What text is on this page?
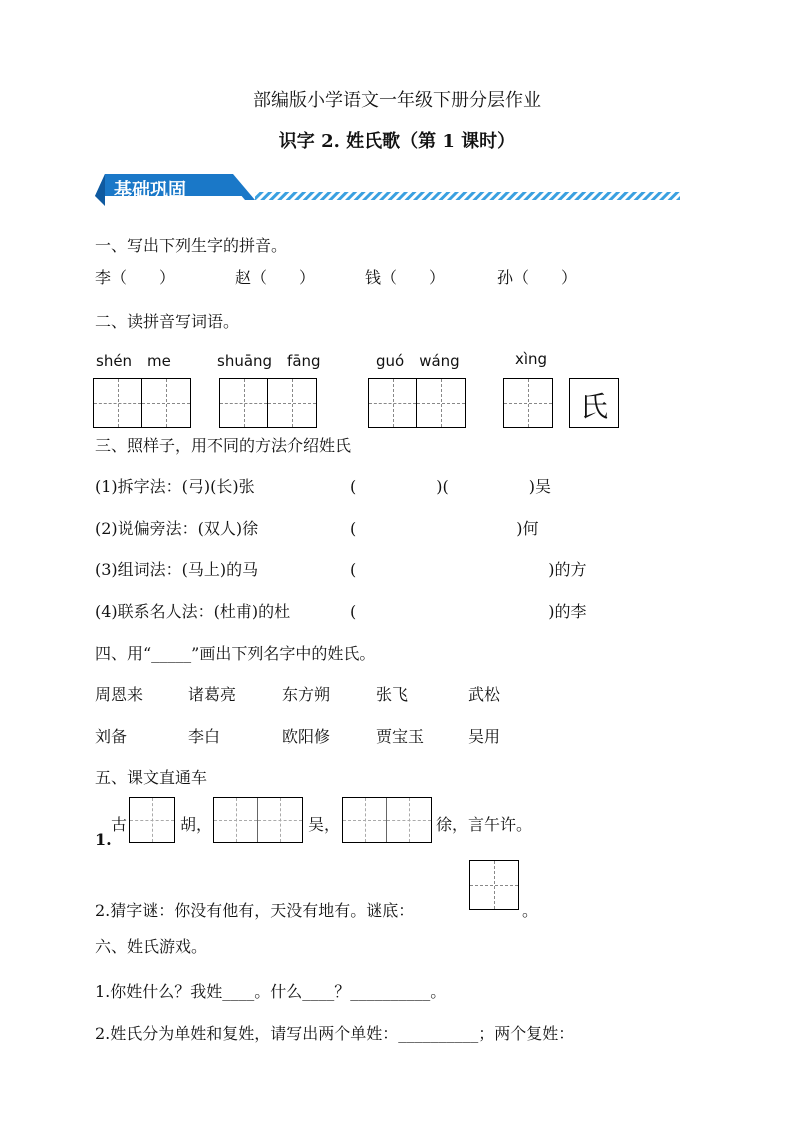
部编版小学语文一年级下册分层作业
识字 2. 姓氏歌（第 1 课时）
基础巩固
一、写出下列生字的拼音。
李（　　）	赵（　　）	钱（　　）	孙（　　）
二、读拼音写词语。
shén　me	shuāng　fāng	guó　wáng	xìng
氏
三、照样子，用不同的方法介绍姓氏
(1)拆字法：(弓)(长)张	(　　　　　)(　　　　　)吴
(2)说偏旁法：(双人)徐	(　　　　　　　　　　)何
(3)组词法：(马上)的马	(　　　　　　　　　　　　)的方
(4)联系名人法：(杜甫)的杜	(　　　　　　　　　　　　)的李
四、用“_____”画出下列名字中的姓氏。
周恩来	诸葛亮	东方朔	张飞	武松
刘备	李白	欧阳修	贾宝玉	吴用
五、课文直通车
1.
古	胡，	吴，	徐，言午许。
2.猜字谜：你没有他有，天没有地有。谜底：	。
六、姓氏游戏。
1.你姓什么？我姓____。什么____？__________。
2.姓氏分为单姓和复姓，请写出两个单姓：__________；两个复姓：
